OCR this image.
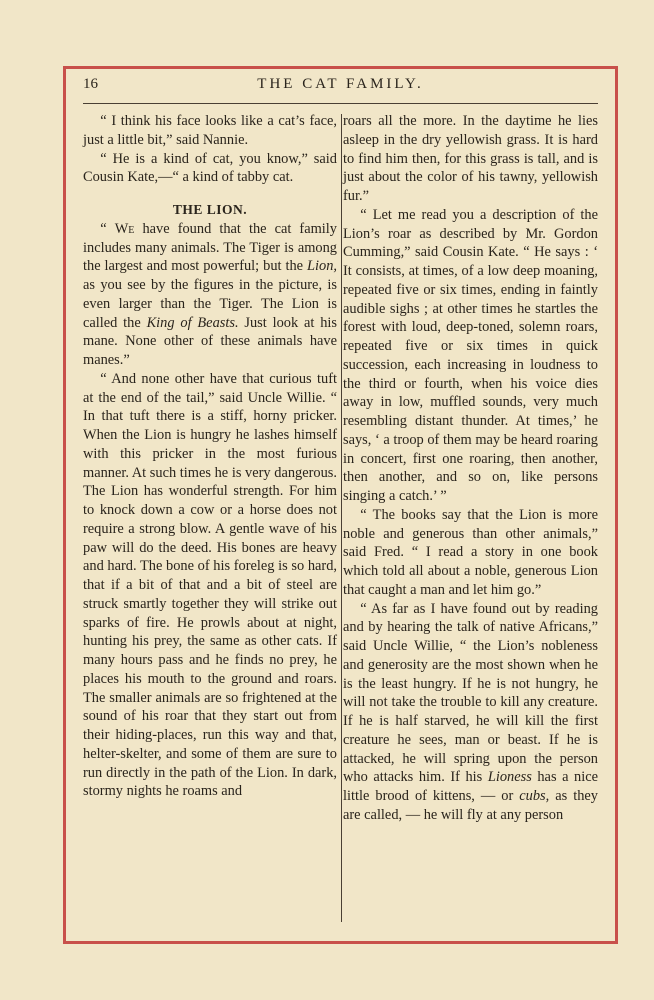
16	THE CAT FAMILY.

“ I think his face looks like a cat’s face, just a little bit,” said Nannie.

“ He is a kind of cat, you know,” said Cousin Kate,—“ a kind of tabby cat.

THE LION.

“ We have found that the cat family includes many animals. The Tiger is among the largest and most powerful; but the Lion, as you see by the figures in the picture, is even larger than the Tiger. The Lion is called the King of Beasts. Just look at his mane. None other of these animals have manes.”

“ And none other have that curious tuft at the end of the tail,” said Uncle Willie. “ In that tuft there is a stiff, horny pricker. When the Lion is hungry he lashes himself with this pricker in the most furious manner. At such times he is very dangerous. The Lion has wonderful strength. For him to knock down a cow or a horse does not require a strong blow. A gentle wave of his paw will do the deed. His bones are heavy and hard. The bone of his foreleg is so hard, that if a bit of that and a bit of steel are struck smartly together they will strike out sparks of fire. He prowls about at night, hunting his prey, the same as other cats. If many hours pass and he finds no prey, he places his mouth to the ground and roars. The smaller animals are so frightened at the sound of his roar that they start out from their hiding-places, run this way and that, helter-skelter, and some of them are sure to run directly in the path of the Lion. In dark, stormy nights he roams and

roars all the more. In the daytime he lies asleep in the dry yellowish grass. It is hard to find him then, for this grass is tall, and is just about the color of his tawny, yellowish fur.”

“ Let me read you a description of the Lion’s roar as described by Mr. Gordon Cumming,” said Cousin Kate. “ He says : ‘ It consists, at times, of a low deep moaning, repeated five or six times, ending in faintly audible sighs ; at other times he startles the forest with loud, deep-toned, solemn roars, repeated five or six times in quick succession, each increasing in loudness to the third or fourth, when his voice dies away in low, muffled sounds, very much resembling distant thunder. At times,’ he says, ‘ a troop of them may be heard roaring in concert, first one roaring, then another, then another, and so on, like persons singing a catch.’ ”

“ The books say that the Lion is more noble and generous than other animals,” said Fred. “ I read a story in one book which told all about a noble, generous Lion that caught a man and let him go.”

“ As far as I have found out by reading and by hearing the talk of native Africans,” said Uncle Willie, “ the Lion’s nobleness and generosity are the most shown when he is the least hungry. If he is not hungry, he will not take the trouble to kill any creature. If he is half starved, he will kill the first creature he sees, man or beast. If he is attacked, he will spring upon the person who attacks him. If his Lioness has a nice little brood of kittens, — or cubs, as they are called, — he will fly at any person
